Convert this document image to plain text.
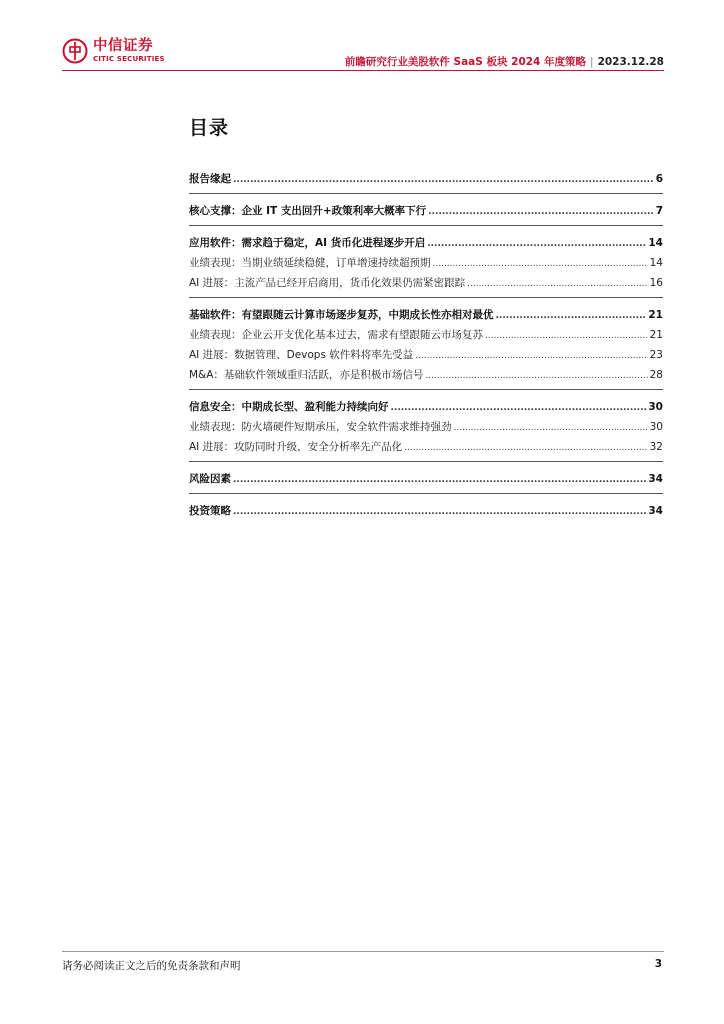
中信证券
CITIC SECURITIES	前瞻研究行业美股软件 SaaS 板块 2024 年度策略 | 2023.12.28
目录
报告缘起 .....	6
核心支撑：企业 IT 支出回升+政策利率大概率下行 .....	7
应用软件：需求趋于稳定，AI 货币化进程逐步开启 .....	14
业绩表现：当期业绩延续稳健，订单增速持续超预期 .....	14
AI 进展：主流产品已经开启商用，货币化效果仍需紧密跟踪 .....	16
基础软件：有望跟随云计算市场逐步复苏，中期成长性亦相对最优 .....	21
业绩表现：企业云开支优化基本过去，需求有望跟随云市场复苏 .....	21
AI 进展：数据管理、Devops 软件料将率先受益 .....	23
M&A：基础软件领域重归活跃，亦是积极市场信号 .....	28
信息安全：中期成长型、盈利能力持续向好 .....	30
业绩表现：防火墙硬件短期承压，安全软件需求维持强劲 .....	30
AI 进展：攻防同时升级，安全分析率先产品化 .....	32
风险因素 .....	34
投资策略 .....	34
请务必阅读正文之后的免责条款和声明	3
